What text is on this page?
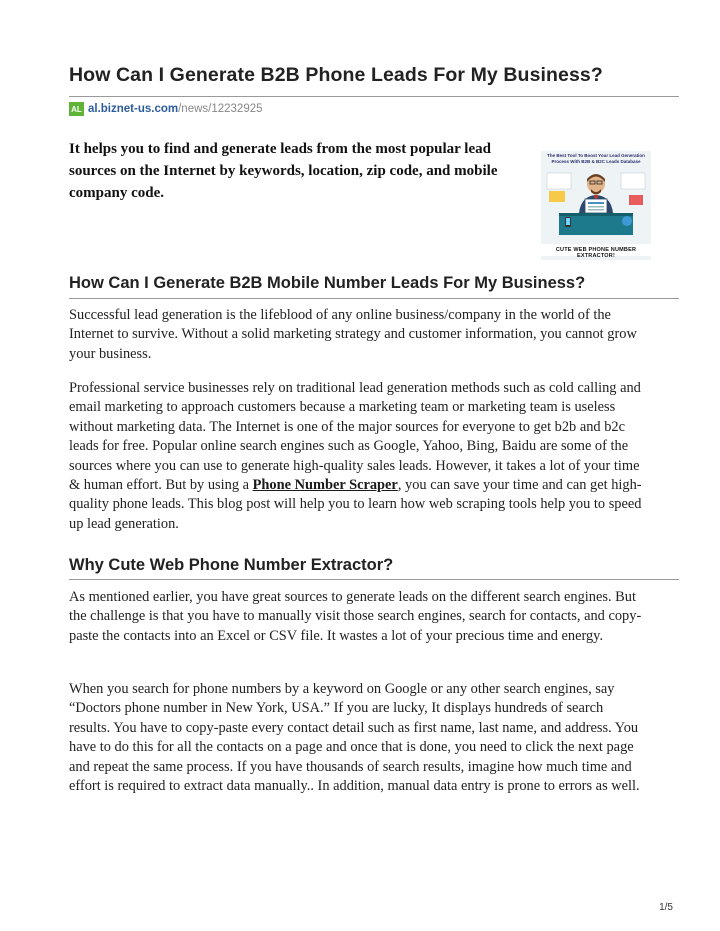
How Can I Generate B2B Phone Leads For My Business?
AL al.biznet-us.com /news/12232925

It helps you to find and generate leads from the most popular lead sources on the Internet by keywords, location, zip code, and mobile company code.

The Best Tool To Boost Your Lead Generation Process With B2B & B2C Leads Database
CUTE WEB PHONE NUMBER EXTRACTOR!
How Can I Generate B2B Mobile Number Leads For My Business?

Successful lead generation is the lifeblood of any online business/company in the world of the Internet to survive. Without a solid marketing strategy and customer information, you cannot grow your business.

Professional service businesses rely on traditional lead generation methods such as cold calling and email marketing to approach customers because a marketing team or marketing team is useless without marketing data. The Internet is one of the major sources for everyone to get b2b and b2c leads for free. Popular online search engines such as Google, Yahoo, Bing, Baidu are some of the sources where you can use to generate high-quality sales leads. However, it takes a lot of your time & human effort. But by using a Phone Number Scraper, you can save your time and can get high-quality phone leads. This blog post will help you to learn how web scraping tools help you to speed up lead generation.

Why Cute Web Phone Number Extractor?

As mentioned earlier, you have great sources to generate leads on the different search engines. But the challenge is that you have to manually visit those search engines, search for contacts, and copy-paste the contacts into an Excel or CSV file. It wastes a lot of your precious time and energy.

When you search for phone numbers by a keyword on Google or any other search engines, say “Doctors phone number in New York, USA.” If you are lucky, It displays hundreds of search results. You have to copy-paste every contact detail such as first name, last name, and address. You have to do this for all the contacts on a page and once that is done, you need to click the next page and repeat the same process. If you have thousands of search results, imagine how much time and effort is required to extract data manually.. In addition, manual data entry is prone to errors as well.

1/5
